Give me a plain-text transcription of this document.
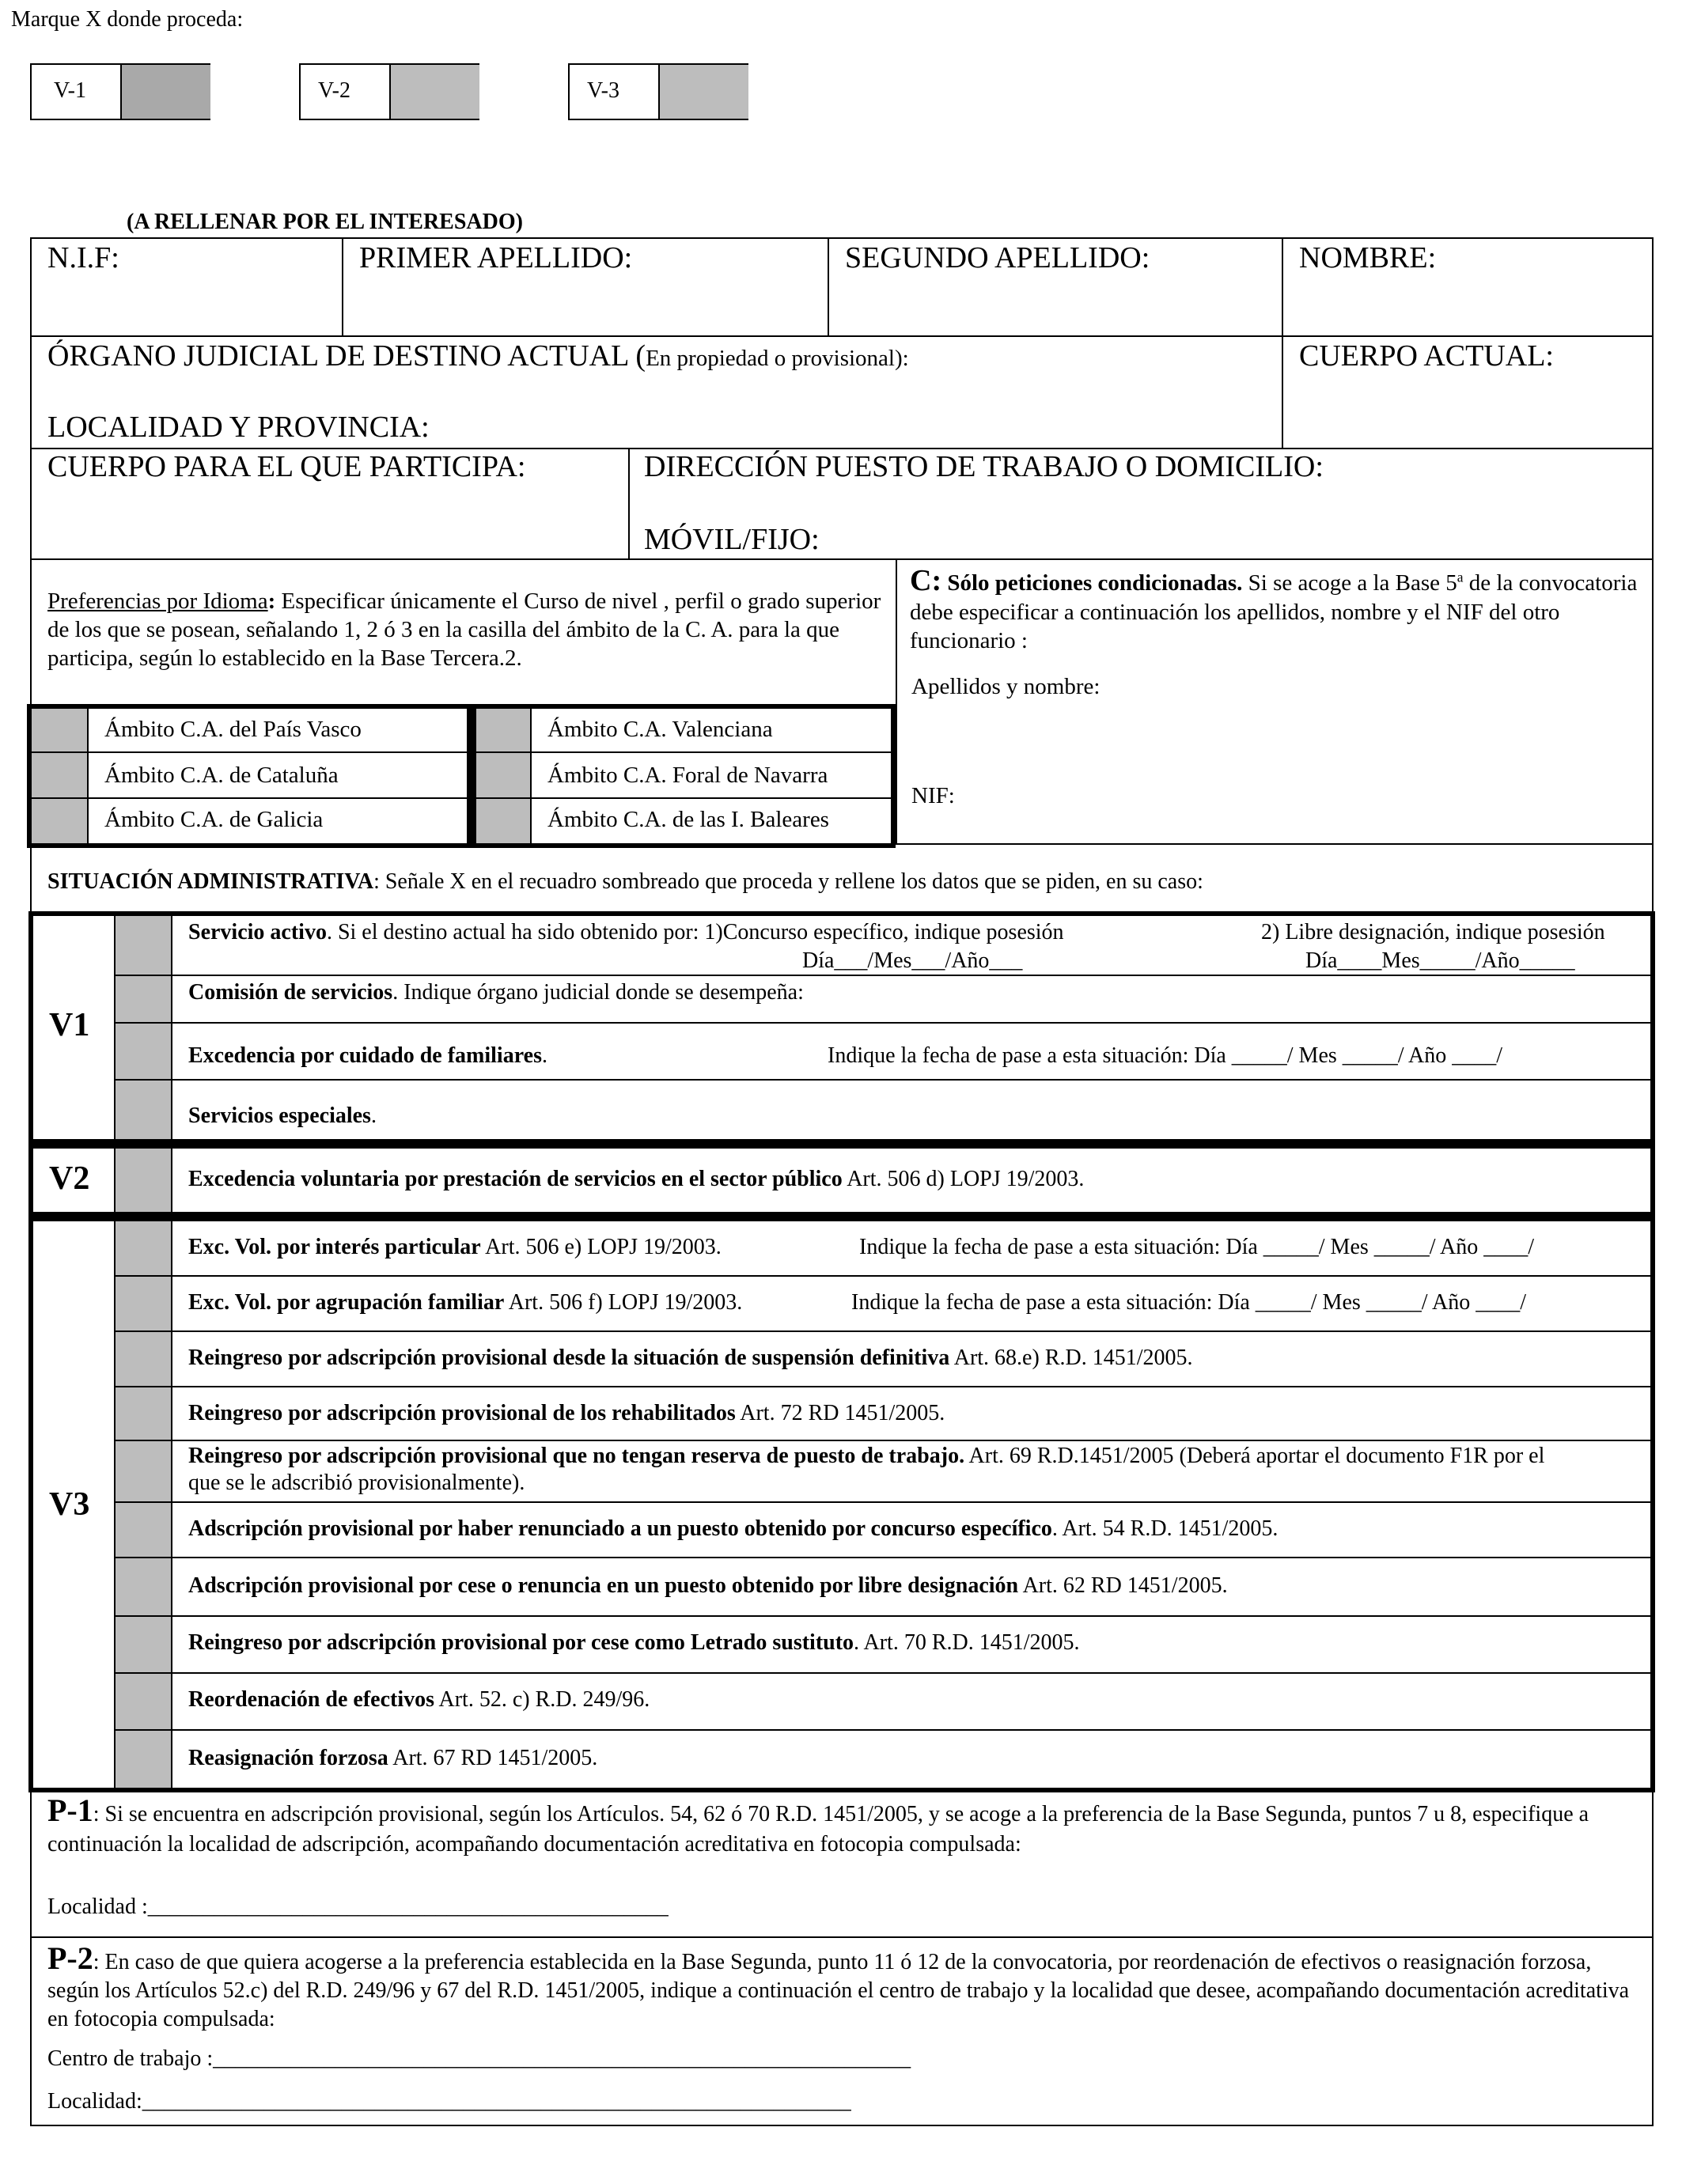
Marque X donde proceda:
V-1	V-2	V-3
(A RELLENAR POR EL INTERESADO)
N.I.F:	PRIMER APELLIDO:	SEGUNDO APELLIDO:	NOMBRE:
ÓRGANO JUDICIAL DE DESTINO ACTUAL (En propiedad o provisional):	CUERPO ACTUAL:
LOCALIDAD Y PROVINCIA:
CUERPO PARA EL QUE PARTICIPA:	DIRECCIÓN PUESTO DE TRABAJO O DOMICILIO:
MÓVIL/FIJO:
Preferencias por Idioma: Especificar únicamente el Curso de nivel , perfil o grado superior de los que se posean, señalando 1, 2 ó 3 en la casilla del ámbito de la C. A. para la que participa, según lo establecido en la Base Tercera.2.
Ámbito C.A. del País Vasco
Ámbito C.A. de Cataluña
Ámbito C.A. de Galicia
Ámbito C.A. Valenciana
Ámbito C.A. Foral de Navarra
Ámbito C.A. de las I. Baleares
C: Sólo peticiones condicionadas. Si se acoge a la Base 5$^a$ de la convocatoria debe especificar a continuación los apellidos, nombre y el NIF del otro funcionario :
Apellidos y nombre:
NIF:
SITUACIÓN ADMINISTRATIVA: Señale X en el recuadro sombreado que proceda y rellene los datos que se piden, en su caso:
V1
Servicio activo. Si el destino actual ha sido obtenido por: 1)Concurso específico, indique posesión	2) Libre designación, indique posesión
Día___/Mes___/Año___	Día____Mes_____/Año_____
Comisión de servicios. Indique órgano judicial donde se desempeña:
Excedencia por cuidado de familiares.	Indique la fecha de pase a esta situación: Día _____/ Mes _____/ Año ____/
Servicios especiales.
V2	Excedencia voluntaria por prestación de servicios en el sector público Art. 506 d) LOPJ 19/2003.
V3
Exc. Vol. por interés particular Art. 506 e) LOPJ 19/2003.	Indique la fecha de pase a esta situación: Día _____/ Mes _____/ Año ____/
Exc. Vol. por agrupación familiar Art. 506 f) LOPJ 19/2003.	Indique la fecha de pase a esta situación: Día _____/ Mes _____/ Año ____/
Reingreso por adscripción provisional desde la situación de suspensión definitiva Art. 68.e) R.D. 1451/2005.
Reingreso por adscripción provisional de los rehabilitados Art. 72 RD 1451/2005.
Reingreso por adscripción provisional que no tengan reserva de puesto de trabajo. Art. 69 R.D.1451/2005 (Deberá aportar el documento F1R por el que se le adscribió provisionalmente).
Adscripción provisional por haber renunciado a un puesto obtenido por concurso específico. Art. 54 R.D. 1451/2005.
Adscripción provisional por cese o renuncia en un puesto obtenido por libre designación Art. 62 RD 1451/2005.
Reingreso por adscripción provisional por cese como Letrado sustituto. Art. 70 R.D. 1451/2005.
Reordenación de efectivos Art. 52. c) R.D. 249/96.
Reasignación forzosa Art. 67 RD 1451/2005.
P-1: Si se encuentra en adscripción provisional, según los Artículos. 54, 62 ó 70 R.D. 1451/2005, y se acoge a la preferencia de la Base Segunda, puntos 7 u 8, especifique a continuación la localidad de adscripción, acompañando documentación acreditativa en fotocopia compulsada:
Localidad :_______________________________________________
P-2: En caso de que quiera acogerse a la preferencia establecida en la Base Segunda, punto 11 ó 12 de la convocatoria, por reordenación de efectivos o reasignación forzosa, según los Artículos 52.c) del R.D. 249/96 y 67 del R.D. 1451/2005, indique a continuación el centro de trabajo y la localidad que desee, acompañando documentación acreditativa en fotocopia compulsada:
Centro de trabajo :_______________________________________________________________
Localidad:________________________________________________________________
